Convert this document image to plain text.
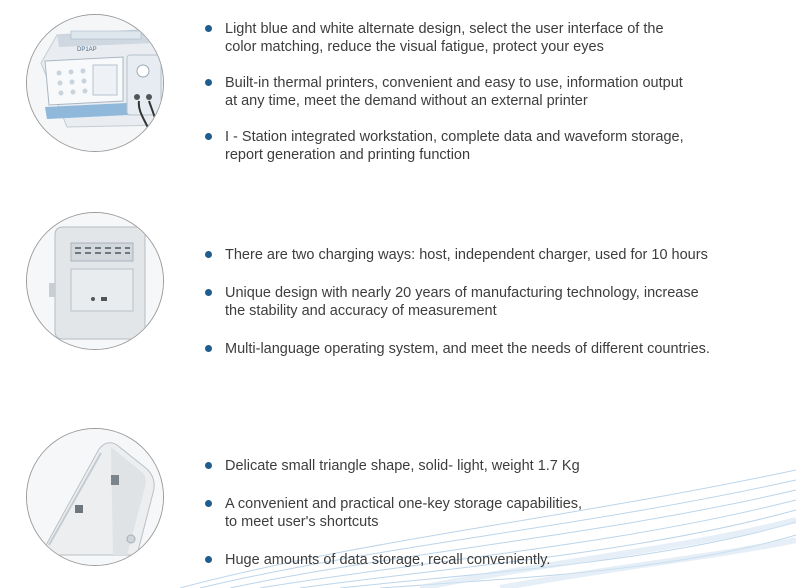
DP1AP
Light blue and white alternate design, select the user interface of the
color matching, reduce the visual fatigue, protect your eyes
Built-in thermal printers, convenient and easy to use, information output
at any time, meet the demand without an external printer
I - Station integrated workstation, complete data and waveform storage,
report generation and printing function
There are two charging ways: host, independent charger, used for 10 hours
Unique design with nearly 20 years of manufacturing technology, increase
the stability and accuracy of measurement
Multi-language operating system, and meet the needs of different countries.
Delicate small triangle shape, solid- light, weight 1.7 Kg
A convenient and practical one-key storage capabilities,
to meet user's shortcuts
Huge amounts of data storage, recall conveniently.
